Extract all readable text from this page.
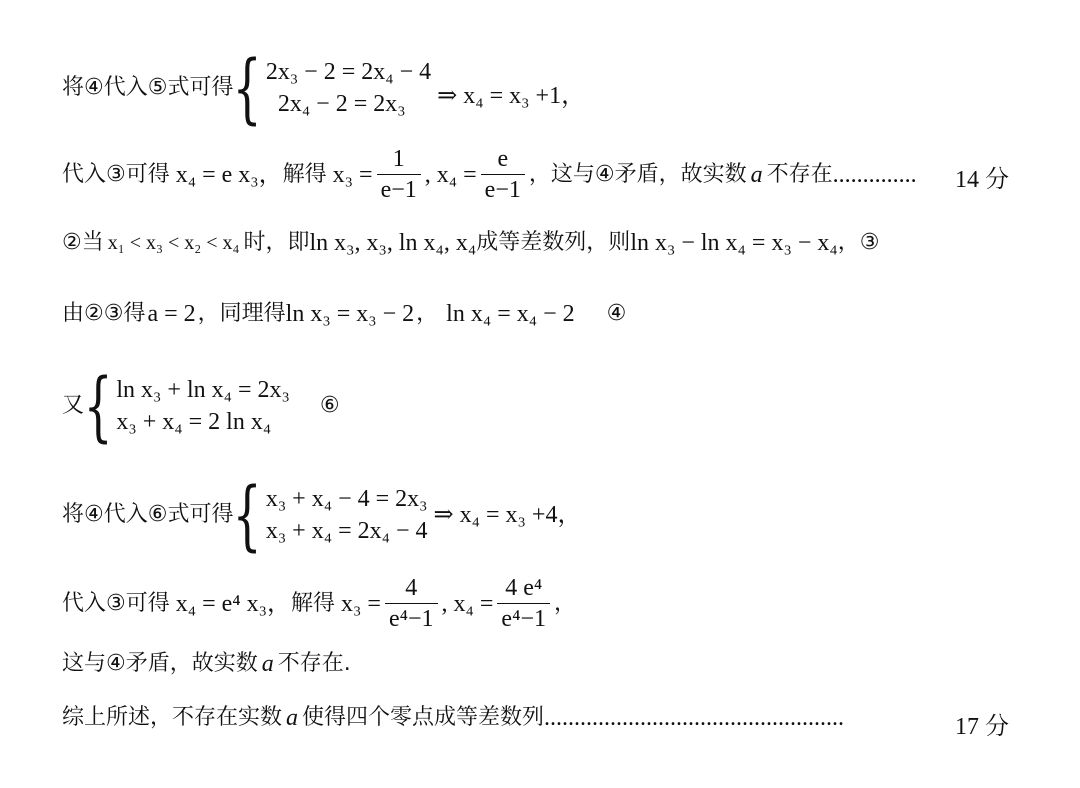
将④代入⑤式可得 { 2x₃ − 2 = 2x₄ − 4
2x₄ − 2 = 2x₃	⇒ x₄ = x₃ +1，
代入③可得 x₄ = e x₃， 解得 $x_3 = \frac{1}{e-1}$ , $x_4 = \frac{e}{e-1}$ ，这与④矛盾，故实数 a 不存在 .............. 14 分
②当 x₁ < x₃ < x₂ < x₄ 时，即 ln x₃, x₃, ln x₄, x₄ 成等差数列，则 ln x₃ − ln x₄ = x₃ − x₄ ，③
由②③得 a = 2 ，同理得 ln x₃ = x₃ − 2 ， ln x₄ = x₄ − 2 ④
又 { ln x₃ + ln x₄ = 2x₃
x₃ + x₄ = 2 ln x₄
⑥
将④代入⑥式可得 { x₃ + x₄ − 4 = 2x₃
x₃ + x₄ = 2x₄ − 4
⇒ x₄ = x₃ +4，
代入③可得 x₄ = e⁴ x₃， 解得 $x_3 = \frac{4}{\text{e⁴−1}}$ , $x_4 = \frac{\text{4 e⁴}}{\text{e⁴−1}}$ ，
这与④矛盾，故实数 a 不存在.
综上所述，不存在实数 a 使得四个零点成等差数列 ..................................................	17 分
